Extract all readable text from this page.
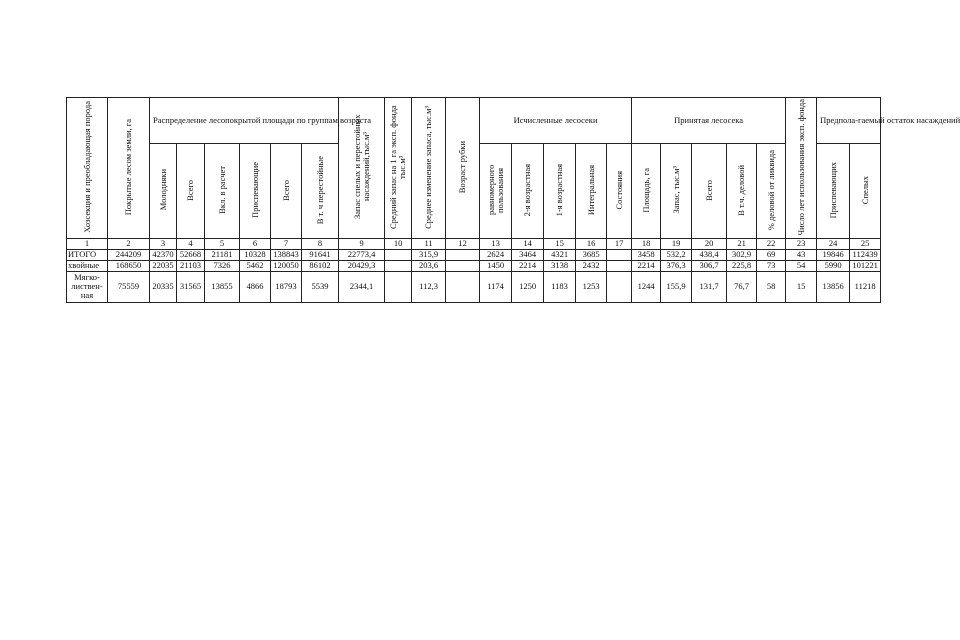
Хозсекция и преобладающая порода	Покрытые лесом земли, га	Распределение лесопокрытой площади по группам возраста						Запас спелых и перестойных насаждений,тыс.м³	Средний запас на 1 га эксп. фонда тыс.м³	Среднее изменение запаса, тыс.м³	Возраст рубки	Исчисленные лесосеки					Принятая лесосека					Число лет использования эксп. фонда	Предпола-гаемый остаток насаждений	
		Молодняки	Всего	Вкл. в расчет	Приспевающие	Всего	В т. ч перестойные					равномерного пользования	2-я возрастная	1-я возрастная	Интегральная	Состояния	Площадь, га	Запас, тыс.м³	Всего	В т.ч. деловой	% деловой от ликвида		Приспевающих	Спелых
1	2	3	4	5	6	7	8	9	10	11	12	13	14	15	16	17	18	19	20	21	22	23	24	25
ИТОГО	244209	42370	52668	21181	10328	138843	91641	22773,4		315,9		2624	3464	4321	3685		3458	532,2	438,4	302,9	69	43	19846	112439
хвойные	168650	22035	21103	7326	5462	120050	86102	20429,3		203,6		1450	2214	3138	2432		2214	376,3	306,7	225,8	73	54	5990	101221
Мягко-
листвен-
ная	75559	20335	31565	13855	4866	18793	5539	2344,1		112,3		1174	1250	1183	1253		1244	155,9	131,7	76,7	58	15	13856	11218
